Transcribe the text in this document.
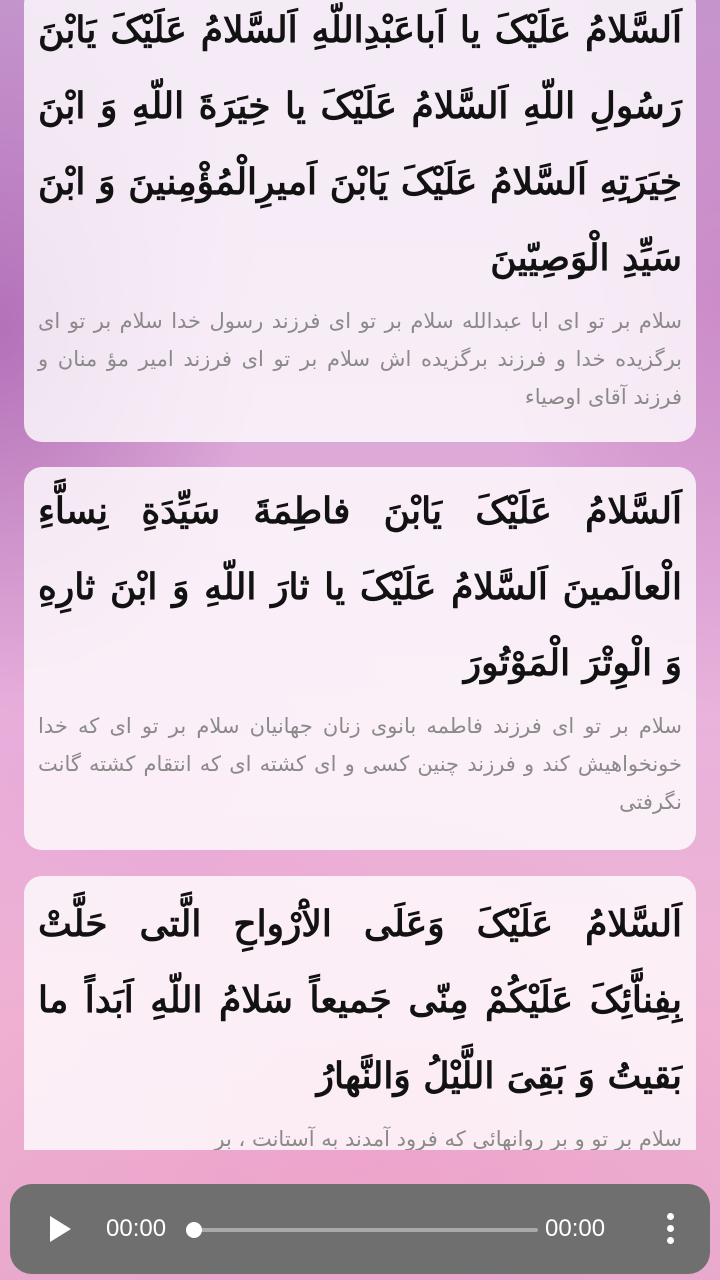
اَلسَّلامُ عَلَیْکَ یا اَباعَبْدِاللّهِ اَلسَّلامُ عَلَیْکَ یَابْنَ رَسُولِ اللّهِ اَلسَّلامُ عَلَیْکَ یا خِیَرَةَ اللّهِ وَ ابْنَ خِیَرَتِهِ اَلسَّلامُ عَلَیْکَ یَابْنَ اَمیرِالْمُؤْمِنینَ وَ ابْنَ سَیِّدِ الْوَصِیّینَ

سلام بر تو ای ابا عبدالله سلام بر تو ای فرزند رسول خدا سلام بر تو ای برگزیده خدا و فرزند برگزیده اش سلام بر تو ای فرزند امیر مؤ منان و فرزند آقای اوصیاء

اَلسَّلامُ عَلَیْکَ یَابْنَ فاطِمَةَ سَیِّدَةِ نِساَّءِ الْعالَمینَ اَلسَّلامُ عَلَیْکَ یا ثارَ اللّهِ وَ ابْنَ ثارِهِ وَ الْوِتْرَ الْمَوْتُورَ

سلام بر تو ای فرزند فاطمه بانوی زنان جهانیان سلام بر تو ای که خدا خونخواهیش کند و فرزند چنین کسی و ای کشته ای که انتقام کشته گانت نگرفتی

اَلسَّلامُ عَلَیْکَ وَعَلَی الاَْرْواحِ الَّتی حَلَّتْ بِفِناَّئِکَ عَلَیْکُمْ مِنّی جَمیعاً سَلامُ اللّهِ اَبَداً ما بَقیتُ وَ بَقِیَ اللَّیْلُ وَالنَّهارُ

سلام بر تو و بر روانهائی که فرود آمدند به آستانت ، بر

00:00	00:00
